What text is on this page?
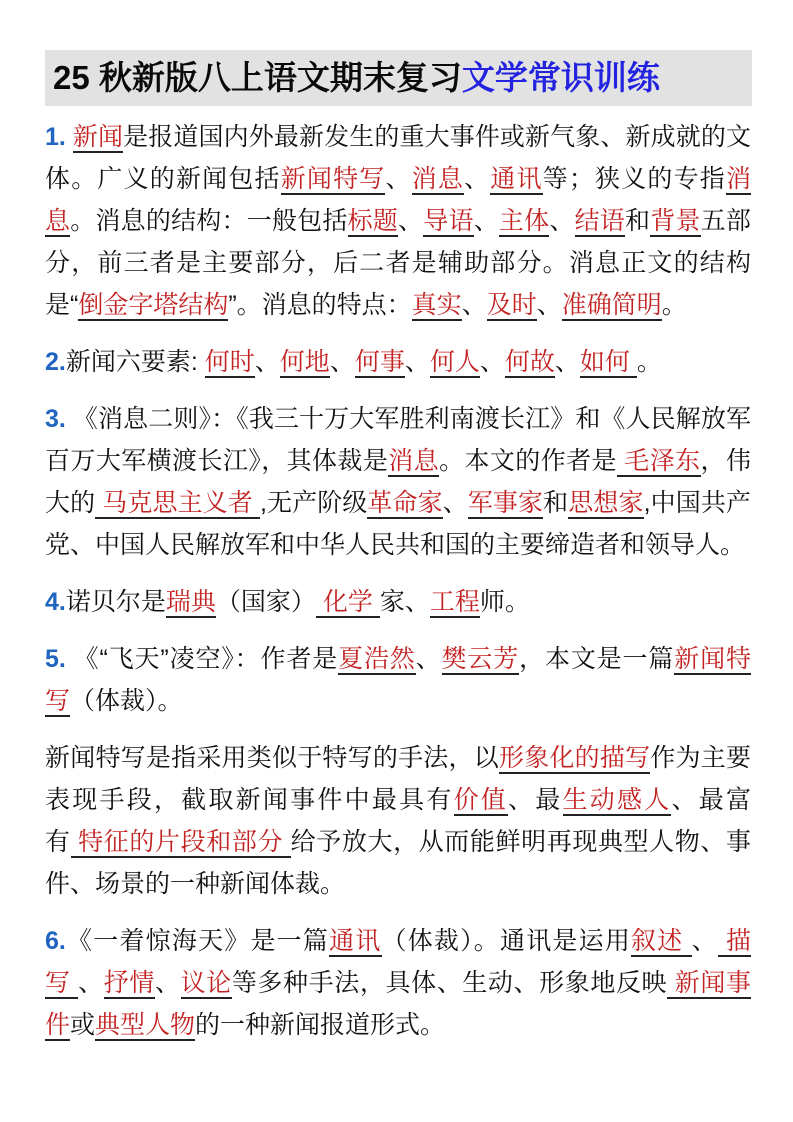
25 秋新版八上语文期末复习文学常识训练
1. 新闻是报道国内外最新发生的重大事件或新气象、新成就的文体。广义的新闻包括新闻特写、消息、通讯等；狭义的专指消息。消息的结构：一般包括标题、导语、主体、结语和背景五部分，前三者是主要部分，后二者是辅助部分。消息正文的结构是“倒金字塔结构”。消息的特点：真实、及时、准确简明。
2.新闻六要素: 何时、何地、何事、何人、何故、如何 。
3. 《消息二则》：《我三十万大军胜利南渡长江》和《人民解放军百万大军横渡长江》，其体裁是消息。本文的作者是 毛泽东，伟大的 马克思主义者 ,无产阶级革命家、军事家和思想家,中国共产党、中国人民解放军和中华人民共和国的主要缔造者和领导人。
4.诺贝尔是瑞典（国家） 化学 家、工程师。
5. 《“飞天”凌空》：作者是夏浩然、樊云芳，本文是一篇新闻特写（体裁）。
新闻特写是指采用类似于特写的手法，以形象化的描写作为主要表现手段，截取新闻事件中最具有价值、最生动感人、最富有 特征的片段和部分 给予放大，从而能鲜明再现典型人物、事件、场景的一种新闻体裁。
6.《一着惊海天》是一篇通讯（体裁）。通讯是运用叙述 、 描写 、抒情、议论等多种手法，具体、生动、形象地反映 新闻事件或典型人物的一种新闻报道形式。
